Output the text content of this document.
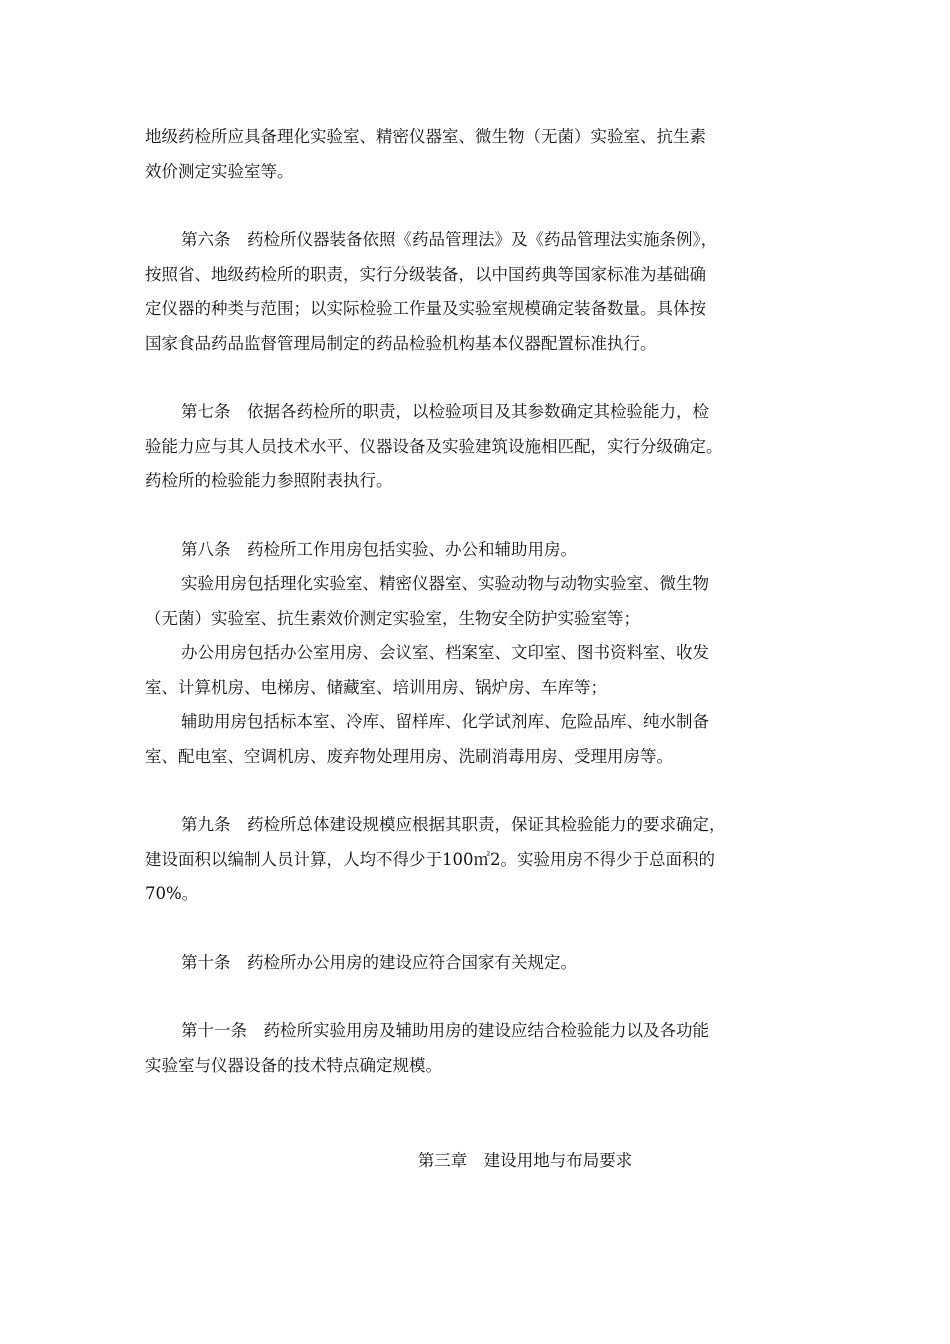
地级药检所应具备理化实验室、精密仪器室、微生物（无菌）实验室、抗生素
效价测定实验室等。

第六条　药检所仪器装备依照《药品管理法》及《药品管理法实施条例》，
按照省、地级药检所的职责，实行分级装备，以中国药典等国家标准为基础确
定仪器的种类与范围；以实际检验工作量及实验室规模确定装备数量。具体按
国家食品药品监督管理局制定的药品检验机构基本仪器配置标准执行。

第七条　依据各药检所的职责，以检验项目及其参数确定其检验能力，检
验能力应与其人员技术水平、仪器设备及实验建筑设施相匹配，实行分级确定。
药检所的检验能力参照附表执行。

第八条　药检所工作用房包括实验、办公和辅助用房。

实验用房包括理化实验室、精密仪器室、实验动物与动物实验室、微生物
（无菌）实验室、抗生素效价测定实验室，生物安全防护实验室等；

办公用房包括办公室用房、会议室、档案室、文印室、图书资料室、收发
室、计算机房、电梯房、储藏室、培训用房、锅炉房、车库等；

辅助用房包括标本室、冷库、留样库、化学试剂库、危险品库、纯水制备
室、配电室、空调机房、废弃物处理用房、洗刷消毒用房、受理用房等。

第九条　药检所总体建设规模应根据其职责，保证其检验能力的要求确定，
建设面积以编制人员计算，人均不得少于100㎡2。实验用房不得少于总面积的
70%。

第十条　药检所办公用房的建设应符合国家有关规定。

第十一条　药检所实验用房及辅助用房的建设应结合检验能力以及各功能
实验室与仪器设备的技术特点确定规模。

第三章　建设用地与布局要求
